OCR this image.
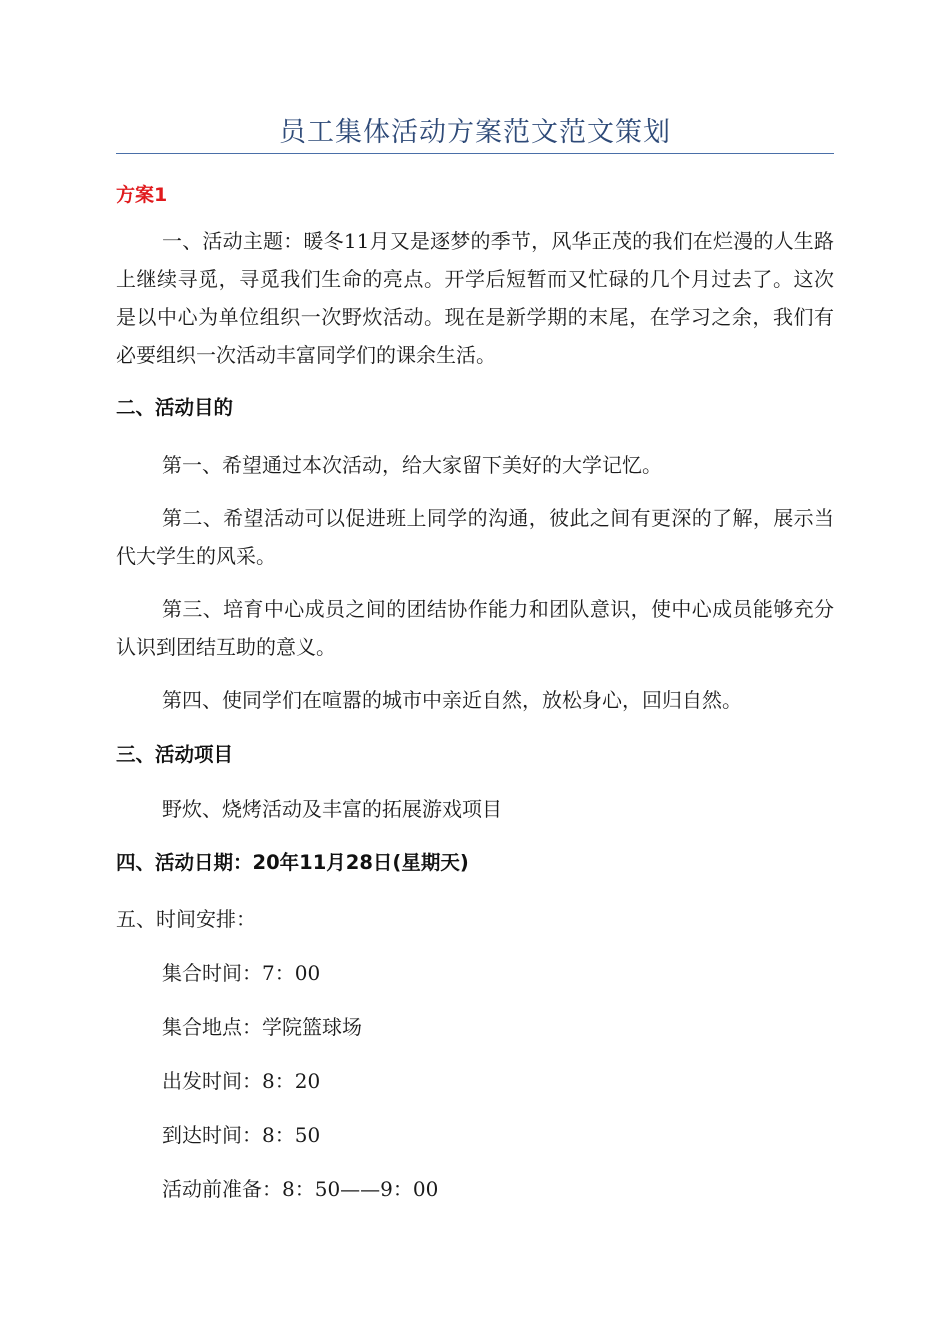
员工集体活动方案范文范文策划
方案1

一、活动主题：暖冬11月又是逐梦的季节，风华正茂的我们在烂漫的人生路上继续寻觅，寻觅我们生命的亮点。开学后短暂而又忙碌的几个月过去了。这次是以中心为单位组织一次野炊活动。现在是新学期的末尾，在学习之余，我们有必要组织一次活动丰富同学们的课余生活。

二、活动目的

第一、希望通过本次活动，给大家留下美好的大学记忆。

第二、希望活动可以促进班上同学的沟通，彼此之间有更深的了解，展示当代大学生的风采。

第三、培育中心成员之间的团结协作能力和团队意识，使中心成员能够充分认识到团结互助的意义。

第四、使同学们在喧嚣的城市中亲近自然，放松身心，回归自然。

三、活动项目
野炊、烧烤活动及丰富的拓展游戏项目
四、活动日期：20年11月28日(星期天)
五、时间安排：
集合时间：7：00
集合地点：学院篮球场
出发时间：8：20
到达时间：8：50
活动前准备：8：50——9：00
